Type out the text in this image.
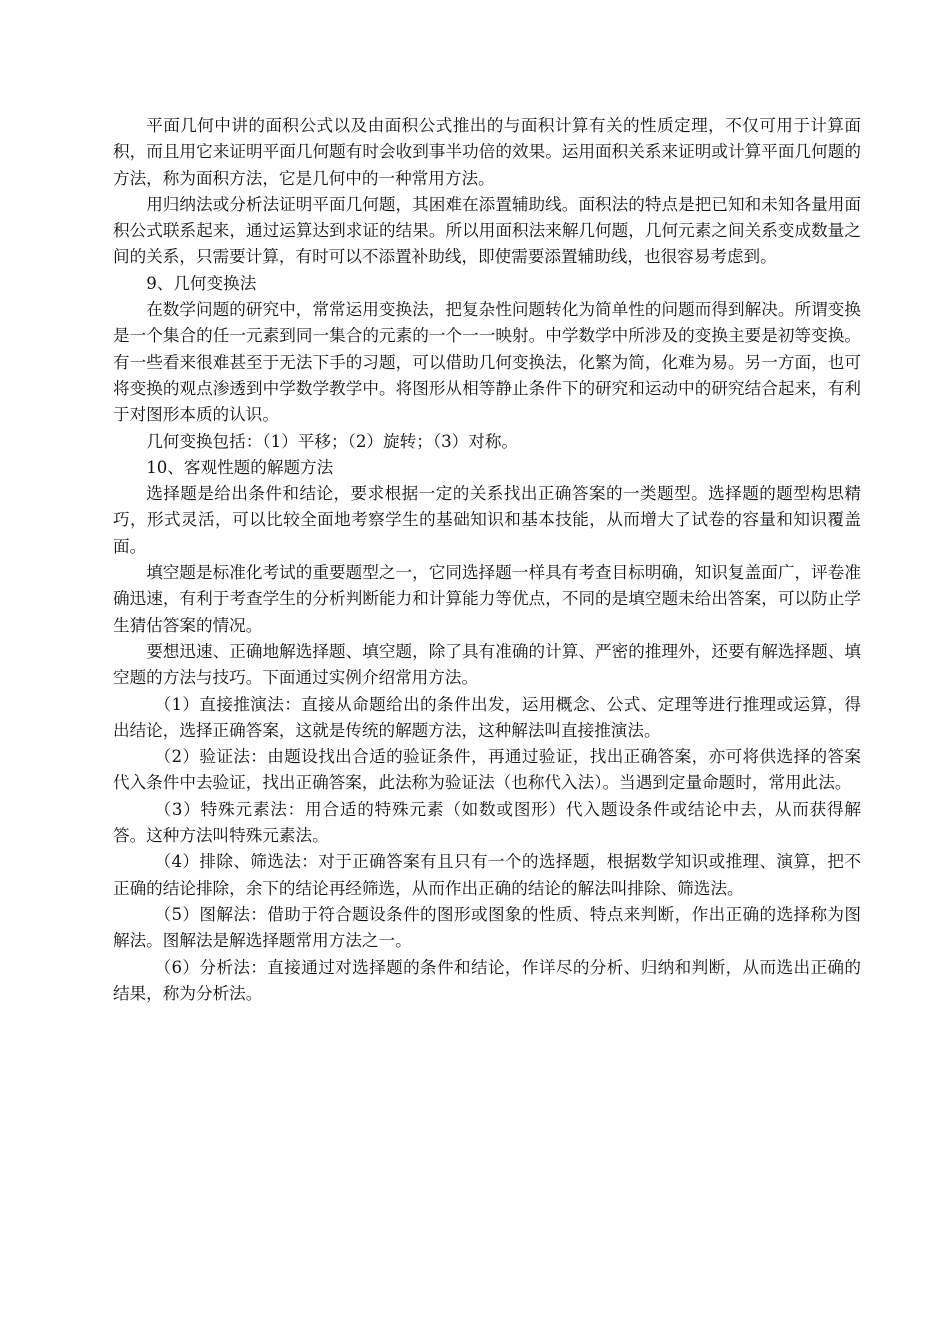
平面几何中讲的面积公式以及由面积公式推出的与面积计算有关的性质定理，不仅可用于计算面积，而且用它来证明平面几何题有时会收到事半功倍的效果。运用面积关系来证明或计算平面几何题的方法，称为面积方法，它是几何中的一种常用方法。

用归纳法或分析法证明平面几何题，其困难在添置辅助线。面积法的特点是把已知和未知各量用面积公式联系起来，通过运算达到求证的结果。所以用面积法来解几何题，几何元素之间关系变成数量之间的关系，只需要计算，有时可以不添置补助线，即使需要添置辅助线，也很容易考虑到。

9、几何变换法

在数学问题的研究中，常常运用变换法，把复杂性问题转化为简单性的问题而得到解决。所谓变换是一个集合的任一元素到同一集合的元素的一个一一映射。中学数学中所涉及的变换主要是初等变换。有一些看来很难甚至于无法下手的习题，可以借助几何变换法，化繁为简，化难为易。另一方面，也可将变换的观点渗透到中学数学教学中。将图形从相等静止条件下的研究和运动中的研究结合起来，有利于对图形本质的认识。

几何变换包括：（1）平移；（2）旋转；（3）对称。

10、客观性题的解题方法

选择题是给出条件和结论，要求根据一定的关系找出正确答案的一类题型。选择题的题型构思精巧，形式灵活，可以比较全面地考察学生的基础知识和基本技能，从而增大了试卷的容量和知识覆盖面。

填空题是标准化考试的重要题型之一，它同选择题一样具有考查目标明确，知识复盖面广，评卷准确迅速，有利于考查学生的分析判断能力和计算能力等优点，不同的是填空题未给出答案，可以防止学生猜估答案的情况。

要想迅速、正确地解选择题、填空题，除了具有准确的计算、严密的推理外，还要有解选择题、填空题的方法与技巧。下面通过实例介绍常用方法。

（1）直接推演法：直接从命题给出的条件出发，运用概念、公式、定理等进行推理或运算，得出结论，选择正确答案，这就是传统的解题方法，这种解法叫直接推演法。

（2）验证法：由题设找出合适的验证条件，再通过验证，找出正确答案，亦可将供选择的答案代入条件中去验证，找出正确答案，此法称为验证法（也称代入法）。当遇到定量命题时，常用此法。

（3）特殊元素法：用合适的特殊元素（如数或图形）代入题设条件或结论中去，从而获得解答。这种方法叫特殊元素法。

（4）排除、筛选法：对于正确答案有且只有一个的选择题，根据数学知识或推理、演算，把不正确的结论排除，余下的结论再经筛选，从而作出正确的结论的解法叫排除、筛选法。

（5）图解法：借助于符合题设条件的图形或图象的性质、特点来判断，作出正确的选择称为图解法。图解法是解选择题常用方法之一。

（6）分析法：直接通过对选择题的条件和结论，作详尽的分析、归纳和判断，从而选出正确的结果，称为分析法。
